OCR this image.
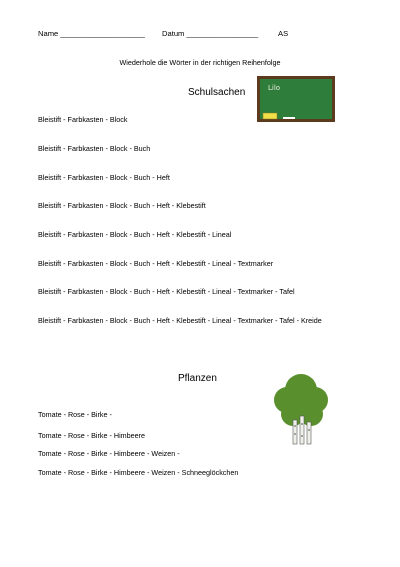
Name ____________________ Datum _________________	AS
Wiederhole die Wörter in der richtigen Reihenfolge
Schulsachen	Lilo
Bleistift - Farbkasten - Block
Bleistift - Farbkasten - Block - Buch
Bleistift - Farbkasten - Block - Buch - Heft
Bleistift - Farbkasten - Block - Buch - Heft - Klebestift
Bleistift - Farbkasten - Block - Buch - Heft - Klebestift - Lineal
Bleistift - Farbkasten - Block - Buch - Heft - Klebestift - Lineal - Textmarker
Bleistift - Farbkasten - Block - Buch - Heft - Klebestift - Lineal - Textmarker - Tafel
Bleistift - Farbkasten - Block - Buch - Heft - Klebestift - Lineal - Textmarker - Tafel - Kreide
Pflanzen
Tomate - Rose - Birke -
Tomate - Rose - Birke - Himbeere
Tomate - Rose - Birke - Himbeere - Weizen -
Tomate - Rose - Birke - Himbeere - Weizen - Schneeglöckchen
